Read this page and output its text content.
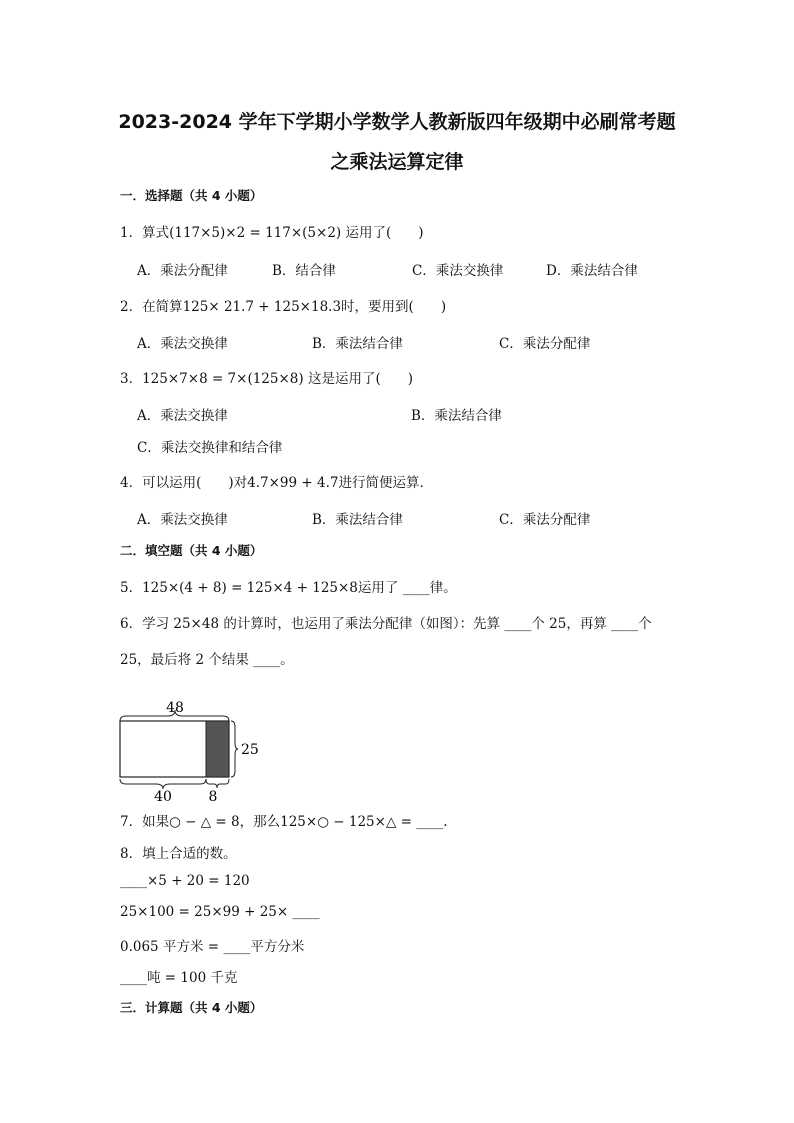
2023-2024 学年下学期小学数学人教新版四年级期中必刷常考题
之乘法运算定律
一．选择题（共 4 小题）
1．算式(117×5)×2 = 117×(5×2) 运用了(　　)
A．乘法分配律	B．结合律	C．乘法交换律	D．乘法结合律
2．在简算125× 21.7 + 125×18.3时，要用到(　　)
A．乘法交换律	B．乘法结合律	C．乘法分配律
3．125×7×8 = 7×(125×8) 这是运用了(　　)
A．乘法交换律	B．乘法结合律
C．乘法交换律和结合律
4．可以运用(　　)对4.7×99 + 4.7进行简便运算．
A．乘法交换律	B．乘法结合律	C．乘法分配律
二．填空题（共 4 小题）
5．125×(4 + 8) = 125×4 + 125×8运用了 ____律。
6．学习 25×48 的计算时，也运用了乘法分配律（如图）：先算 ____个 25，再算 ____个
25，最后将 2 个结果 ____。
48
25
40	8
7．如果○ − △ = 8，那么125×○ − 125×△ = ____.
8．填上合适的数。
____×5 + 20 = 120
25×100 = 25×99 + 25× ____
0.065 平方米 = ____平方分米
____吨 = 100 千克
三．计算题（共 4 小题）
